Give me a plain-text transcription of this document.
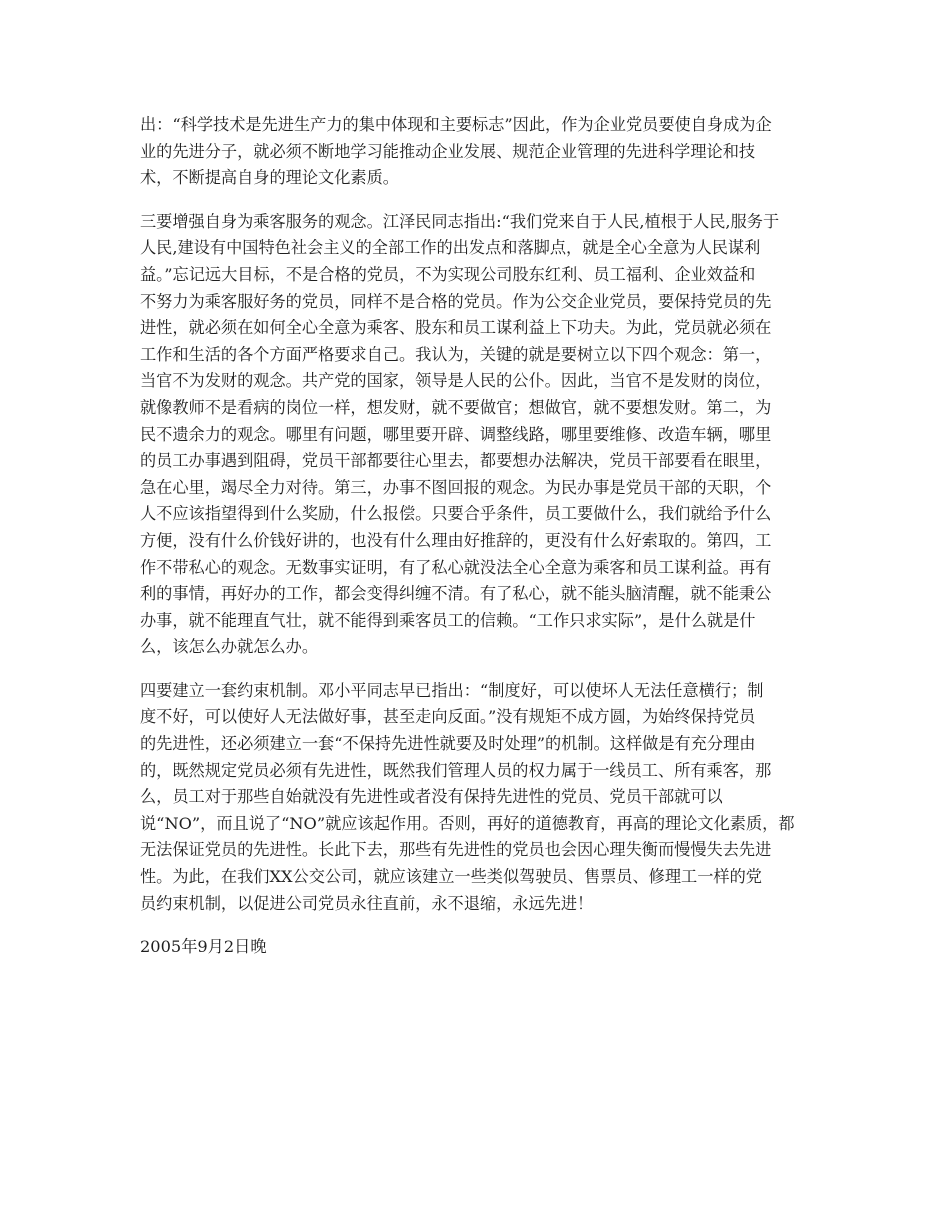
出：“科学技术是先进生产力的集中体现和主要标志”因此，作为企业党员要使自身成为企
业的先进分子，就必须不断地学习能推动企业发展、规范企业管理的先进科学理论和技
术，不断提高自身的理论文化素质。
三要增强自身为乘客服务的观念。江泽民同志指出:“我们党来自于人民,植根于人民,服务于
人民,建设有中国特色社会主义的全部工作的出发点和落脚点，就是全心全意为人民谋利
益。”忘记远大目标，不是合格的党员，不为实现公司股东红利、员工福利、企业效益和
不努力为乘客服好务的党员，同样不是合格的党员。作为公交企业党员，要保持党员的先
进性，就必须在如何全心全意为乘客、股东和员工谋利益上下功夫。为此，党员就必须在
工作和生活的各个方面严格要求自己。我认为，关键的就是要树立以下四个观念：第一，
当官不为发财的观念。共产党的国家，领导是人民的公仆。因此，当官不是发财的岗位，
就像教师不是看病的岗位一样，想发财，就不要做官；想做官，就不要想发财。第二，为
民不遗余力的观念。哪里有问题，哪里要开辟、调整线路，哪里要维修、改造车辆，哪里
的员工办事遇到阻碍，党员干部都要往心里去，都要想办法解决，党员干部要看在眼里，
急在心里，竭尽全力对待。第三，办事不图回报的观念。为民办事是党员干部的天职，个
人不应该指望得到什么奖励，什么报偿。只要合乎条件，员工要做什么，我们就给予什么
方便，没有什么价钱好讲的，也没有什么理由好推辞的，更没有什么好索取的。第四，工
作不带私心的观念。无数事实证明，有了私心就没法全心全意为乘客和员工谋利益。再有
利的事情，再好办的工作，都会变得纠缠不清。有了私心，就不能头脑清醒，就不能秉公
办事，就不能理直气壮，就不能得到乘客员工的信赖。“工作只求实际”，是什么就是什
么，该怎么办就怎么办。
四要建立一套约束机制。邓小平同志早已指出：“制度好，可以使坏人无法任意横行；制
度不好，可以使好人无法做好事，甚至走向反面。”没有规矩不成方圆，为始终保持党员
的先进性，还必须建立一套“不保持先进性就要及时处理”的机制。这样做是有充分理由
的，既然规定党员必须有先进性，既然我们管理人员的权力属于一线员工、所有乘客，那
么，员工对于那些自始就没有先进性或者没有保持先进性的党员、党员干部就可以
说“NO”，而且说了“NO”就应该起作用。否则，再好的道德教育，再高的理论文化素质，都
无法保证党员的先进性。长此下去，那些有先进性的党员也会因心理失衡而慢慢失去先进
性。为此，在我们XX公交公司，就应该建立一些类似驾驶员、售票员、修理工一样的党
员约束机制，以促进公司党员永往直前，永不退缩，永远先进！
2005年9月2日晚
